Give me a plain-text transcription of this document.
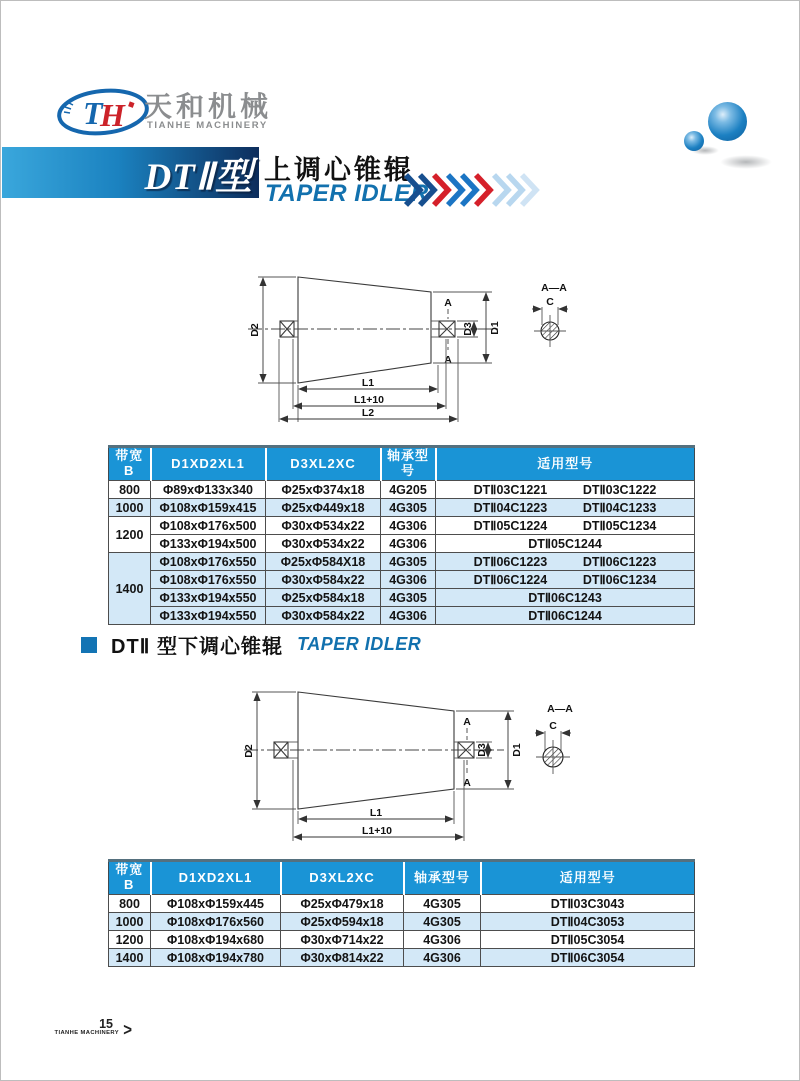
T
H 天和机械
TIANHE MACHINERY
DTⅡ型 上调心锥辊
TAPER IDLER
A
A
D2	D1
D3
L1
L1+10
L2
A—A
C
带宽
B	D1XD2XL1	D3XL2XC	轴承型号	适用型号
800	Φ89xΦ133x340	Φ25xΦ374x18	4G205	DTⅡ03C1221 DTⅡ03C1222

1000	Φ108xΦ159x415	Φ25xΦ449x18	4G305	DTⅡ04C1223 DTⅡ04C1233

1200	Φ108xΦ176x500	Φ30xΦ534x22	4G306	DTⅡ05C1224 DTⅡ05C1234

	Φ133xΦ194x500	Φ30xΦ534x22	4G306	DTⅡ05C1244
1400	Φ108xΦ176x550	Φ25xΦ584X18	4G305	DTⅡ06C1223 DTⅡ06C1223

	Φ108xΦ176x550	Φ30xΦ584x22	4G306	DTⅡ06C1224 DTⅡ06C1234

	Φ133xΦ194x550	Φ25xΦ584x18	4G305	DTⅡ06C1243
	Φ133xΦ194x550	Φ30xΦ584x22	4G306	DTⅡ06C1244
DTⅡ 型下调心锥辊 TAPER IDLER
A
A
D2	D1
D3
L1
L1+10
A—A
C
带宽
B	D1XD2XL1	D3XL2XC	轴承型号	适用型号
800	Φ108xΦ159x445	Φ25xΦ479x18	4G305	DTⅡ03C3043
1000	Φ108xΦ176x560	Φ25xΦ594x18	4G305	DTⅡ04C3053
1200	Φ108xΦ194x680	Φ30xΦ714x22	4G306	DTⅡ05C3054
1400	Φ108xΦ194x780	Φ30xΦ814x22	4G306	DTⅡ06C3054
15
TIANHE MACHINERY >
